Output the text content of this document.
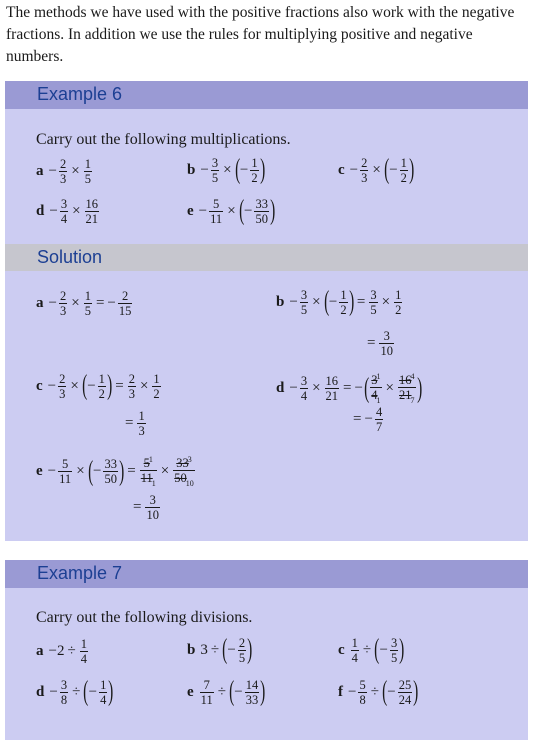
The methods we have used with the positive fractions also work with the negative fractions. In addition we use the rules for multiplying positive and negative numbers.

Example 6
Carry out the following multiplications.
$a - \frac{2}{3} \times \frac{1}{5}$	$b - \frac{3}{5}$ × ( − $\frac{1}{2}$ )	$c - \frac{2}{3}$ × ( − $\frac{1}{2}$ )
$d - \frac{3}{4} \times \frac{16}{21}$	$e - \frac{5}{11}$ × ( − $\frac{33}{50}$ )
Solution
$a - \frac{2}{3} \times \frac{1}{5}$ = − $\frac{2}{15}$	$b - \frac{3}{5}$ × ( − $\frac{1}{2}$ ) = $\frac{3}{5} \times \frac{1}{2}$
= $\frac{3}{10}$
$c - \frac{2}{3}$ × ( − $\frac{1}{2}$ ) = $\frac{2}{3} \times \frac{1}{2}$
= $\frac{1}{3}$
$d - \frac{3}{4} \times \frac{16}{21}$ = − ( $\frac{3^1}{4_1} \times \frac{16^4}{21_7}$ )
= − $\frac{4}{7}$
$e - \frac{5}{11}$ × ( − $\frac{33}{50}$ ) = $\frac{5^1}{11_1} \times \frac{33^3}{50_{10}}$
= $\frac{3}{10}$
Example 7
Carry out the following divisions.
$a -2 \div \frac{1}{4}$	b 3 ÷ ( − $\frac{2}{5}$ )	c $\frac{1}{4}$ ÷ ( − $\frac{3}{5}$ )
$d - \frac{3}{8}$ ÷ ( − $\frac{1}{4}$ )	e $\frac{7}{11}$ ÷ ( − $\frac{14}{33}$ )	$f - \frac{5}{8}$ ÷ ( − $\frac{25}{24}$ )
